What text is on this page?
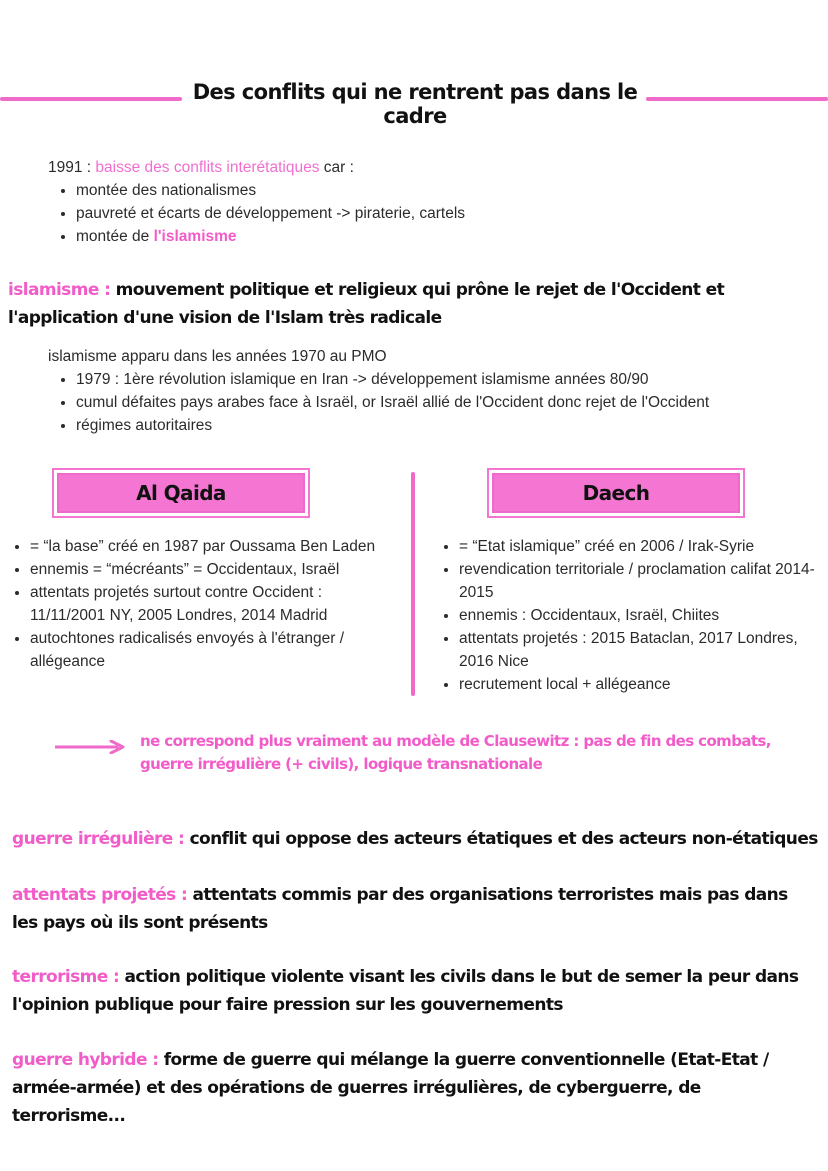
Des conflits qui ne rentrent pas dans le cadre
1991 : baisse des conflits interétatiques car :
• montée des nationalismes
• pauvreté et écarts de développement -> piraterie, cartels
• montée de l'islamisme
islamisme : mouvement politique et religieux qui prône le rejet de l'Occident et l'application d'une vision de l'Islam très radicale
islamisme apparu dans les années 1970 au PMO
• 1979 : 1ère révolution islamique en Iran -> développement islamisme années 80/90
• cumul défaites pays arabes face à Israël, or Israël allié de l'Occident donc rejet de l'Occident
• régimes autoritaires
Al Qaida	Daech
• = “la base” créé en 1987 par Oussama Ben Laden
• ennemis = “mécréants” = Occidentaux, Israël
• attentats projetés surtout contre Occident : 11/11/2001 NY, 2005 Londres, 2014 Madrid
• autochtones radicalisés envoyés à l'étranger / allégeance
• = “Etat islamique” créé en 2006 / Irak-Syrie
• revendication territoriale / proclamation califat 2014-2015
• ennemis : Occidentaux, Israël, Chiites
• attentats projetés : 2015 Bataclan, 2017 Londres, 2016 Nice
• recrutement local + allégeance
ne correspond plus vraiment au modèle de Clausewitz : pas de fin des combats,
guerre irrégulière (+ civils), logique transnationale
guerre irrégulière : conflit qui oppose des acteurs étatiques et des acteurs non-étatiques
attentats projetés : attentats commis par des organisations terroristes mais pas dans les pays où ils sont présents
terrorisme : action politique violente visant les civils dans le but de semer la peur dans l'opinion publique pour faire pression sur les gouvernements
guerre hybride : forme de guerre qui mélange la guerre conventionnelle (Etat-Etat / armée-armée) et des opérations de guerres irrégulières, de cyberguerre, de terrorisme...
